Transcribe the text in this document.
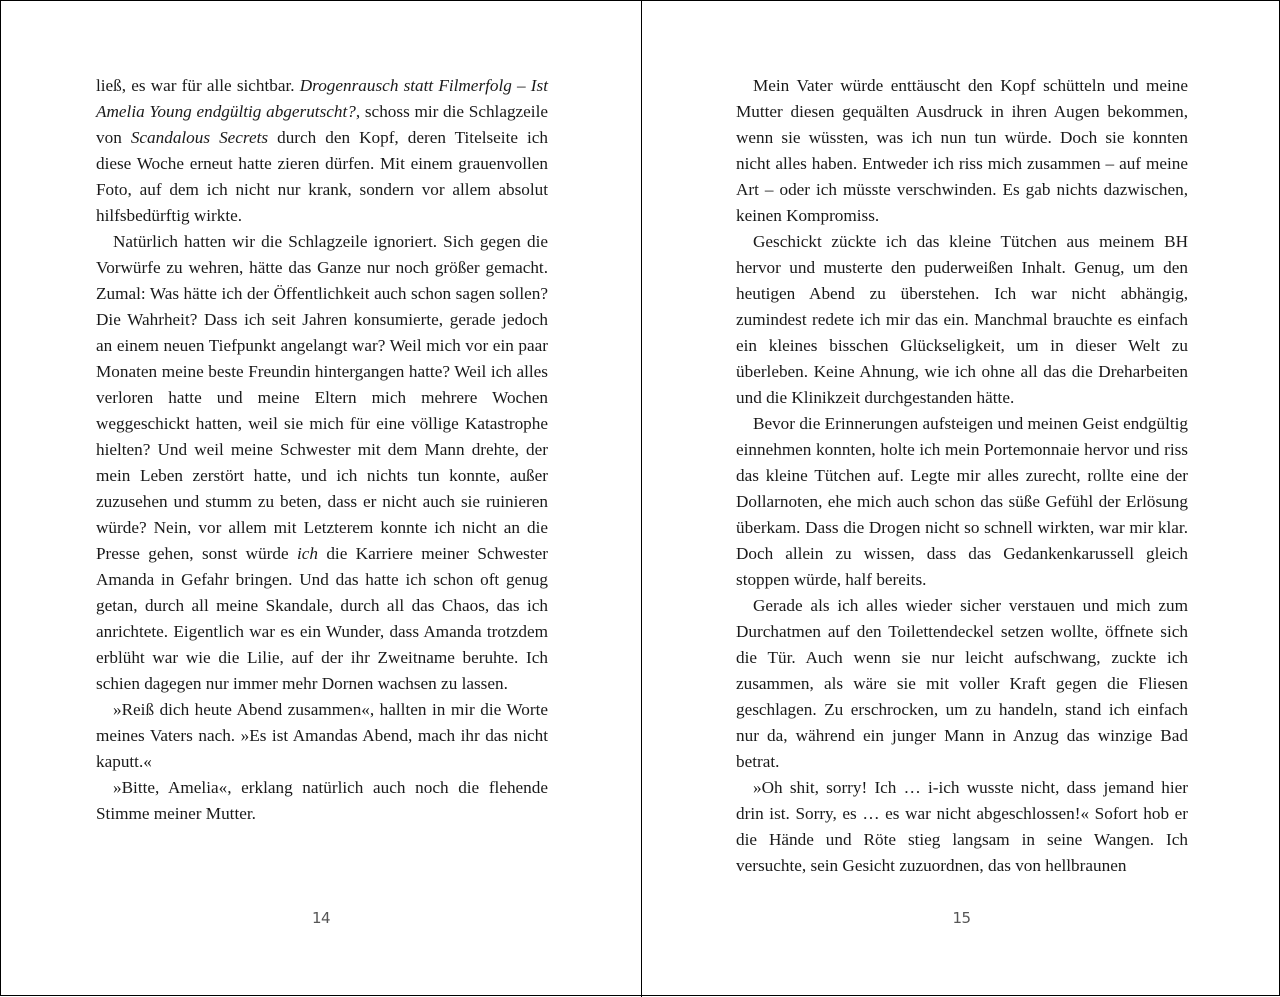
ließ, es war für alle sichtbar. Drogenrausch statt Filmerfolg – Ist Amelia Young endgültig abgerutscht?, schoss mir die Schlagzeile von Scandalous Secrets durch den Kopf, deren Titelseite ich diese Woche erneut hatte zieren dürfen. Mit einem grauenvollen Foto, auf dem ich nicht nur krank, sondern vor allem absolut hilfsbedürftig wirkte.

Natürlich hatten wir die Schlagzeile ignoriert. Sich gegen die Vorwürfe zu wehren, hätte das Ganze nur noch größer gemacht. Zumal: Was hätte ich der Öffentlichkeit auch schon sagen sollen? Die Wahrheit? Dass ich seit Jahren konsumierte, gerade jedoch an einem neuen Tiefpunkt angelangt war? Weil mich vor ein paar Monaten meine beste Freundin hintergangen hatte? Weil ich alles verloren hatte und meine Eltern mich mehrere Wochen weggeschickt hatten, weil sie mich für eine völlige Katastrophe hielten? Und weil meine Schwester mit dem Mann drehte, der mein Leben zerstört hatte, und ich nichts tun konnte, außer zuzusehen und stumm zu beten, dass er nicht auch sie ruinieren würde? Nein, vor allem mit Letzterem konnte ich nicht an die Presse gehen, sonst würde ich die Karriere meiner Schwester Amanda in Gefahr bringen. Und das hatte ich schon oft genug getan, durch all meine Skandale, durch all das Chaos, das ich anrichtete. Eigentlich war es ein Wunder, dass Amanda trotzdem erblüht war wie die Lilie, auf der ihr Zweitname beruhte. Ich schien dagegen nur immer mehr Dornen wachsen zu lassen.

»Reiß dich heute Abend zusammen«, hallten in mir die Worte meines Vaters nach. »Es ist Amandas Abend, mach ihr das nicht kaputt.«

»Bitte, Amelia«, erklang natürlich auch noch die flehende Stimme meiner Mutter.

14

Mein Vater würde enttäuscht den Kopf schütteln und meine Mutter diesen gequälten Ausdruck in ihren Augen bekommen, wenn sie wüssten, was ich nun tun würde. Doch sie konnten nicht alles haben. Entweder ich riss mich zusammen – auf meine Art – oder ich müsste verschwinden. Es gab nichts dazwischen, keinen Kompromiss.

Geschickt zückte ich das kleine Tütchen aus meinem BH hervor und musterte den puderweißen Inhalt. Genug, um den heutigen Abend zu überstehen. Ich war nicht abhängig, zumindest redete ich mir das ein. Manchmal brauchte es einfach ein kleines bisschen Glückseligkeit, um in dieser Welt zu überleben. Keine Ahnung, wie ich ohne all das die Dreharbeiten und die Klinikzeit durchgestanden hätte.

Bevor die Erinnerungen aufsteigen und meinen Geist endgültig einnehmen konnten, holte ich mein Portemonnaie hervor und riss das kleine Tütchen auf. Legte mir alles zurecht, rollte eine der Dollarnoten, ehe mich auch schon das süße Gefühl der Erlösung überkam. Dass die Drogen nicht so schnell wirkten, war mir klar. Doch allein zu wissen, dass das Gedankenkarussell gleich stoppen würde, half bereits.

Gerade als ich alles wieder sicher verstauen und mich zum Durchatmen auf den Toilettendeckel setzen wollte, öffnete sich die Tür. Auch wenn sie nur leicht aufschwang, zuckte ich zusammen, als wäre sie mit voller Kraft gegen die Fliesen geschlagen. Zu erschrocken, um zu handeln, stand ich einfach nur da, während ein junger Mann in Anzug das winzige Bad betrat.

»Oh shit, sorry! Ich … i-ich wusste nicht, dass jemand hier drin ist. Sorry, es … es war nicht abgeschlossen!« Sofort hob er die Hände und Röte stieg langsam in seine Wangen. Ich versuchte, sein Gesicht zuzuordnen, das von hellbraunen

15
